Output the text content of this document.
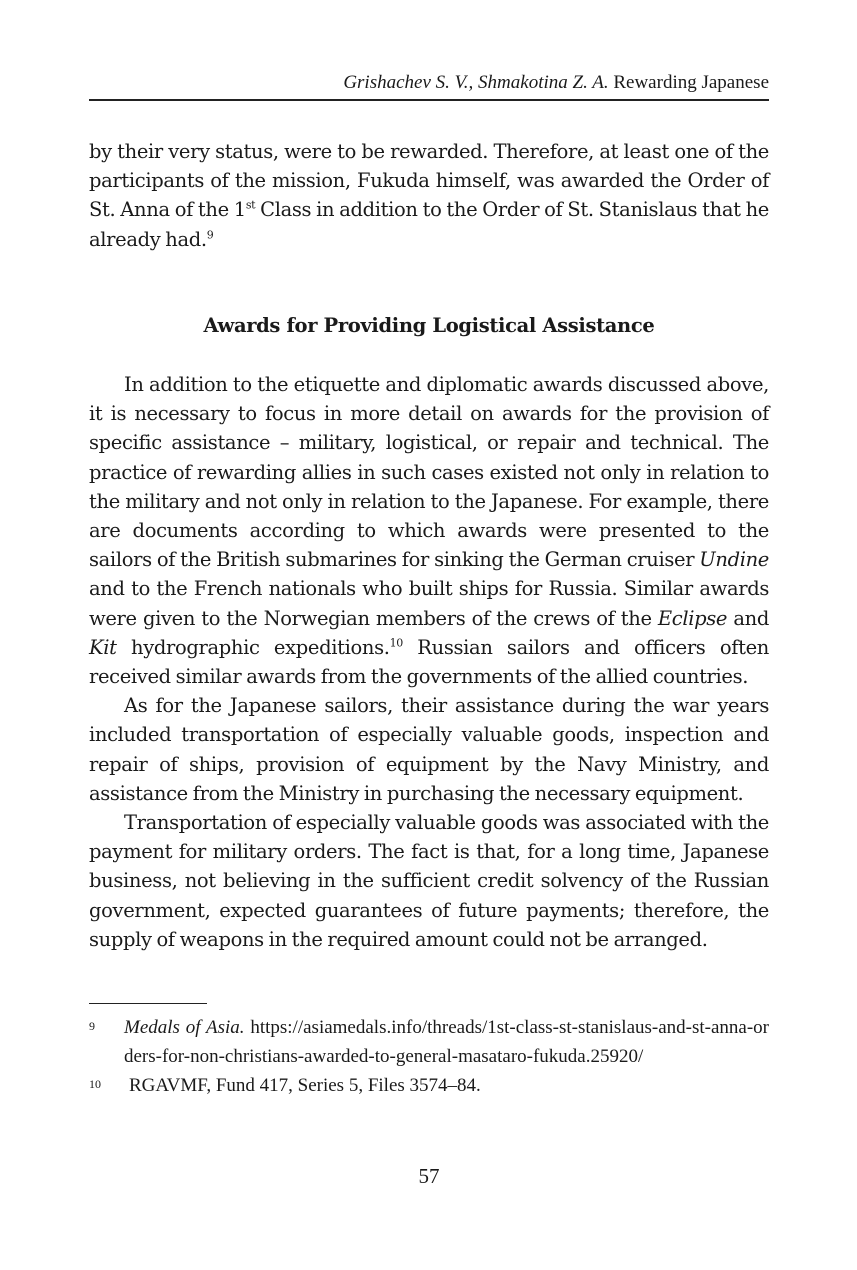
Grishachev S. V., Shmakotina Z. A. Rewarding Japanese

by their very status, were to be rewarded. Therefore, at least one of the participants of the mission, Fukuda himself, was awarded the Order of St. Anna of the 1st Class in addition to the Order of St. Stanislaus that he already had.$^9$

Awards for Providing Logistical Assistance

In addition to the etiquette and diplomatic awards discussed above, it is necessary to focus in more detail on awards for the provision of specific assistance – military, logistical, or repair and technical. The practice of rewarding allies in such cases existed not only in relation to the military and not only in relation to the Japanese. For example, there are documents according to which awards were presented to the sailors of the British submarines for sinking the German cruiser Undine and to the French nationals who built ships for Russia. Similar awards were given to the Norwegian members of the crews of the Eclipse and Kit hydrographic expeditions.$^{10}$ Russian sailors and officers often received similar awards from the governments of the allied countries.

As for the Japanese sailors, their assistance during the war years included transportation of especially valuable goods, inspection and repair of ships, provision of equipment by the Navy Ministry, and assistance from the Ministry in purchasing the necessary equipment.

Transportation of especially valuable goods was associated with the payment for military orders. The fact is that, for a long time, Japanese business, not believing in the sufficient credit solvency of the Russian government, expected guarantees of future payments; therefore, the supply of weapons in the required amount could not be arranged.

9 Medals of Asia. https://asiamedals.info/threads/1st-class-st-stanislaus-and-st-anna-orders-for-non-christians-awarded-to-general-masataro-fukuda.25920/
10 RGAVMF, Fund 417, Series 5, Files 3574–84.
57
